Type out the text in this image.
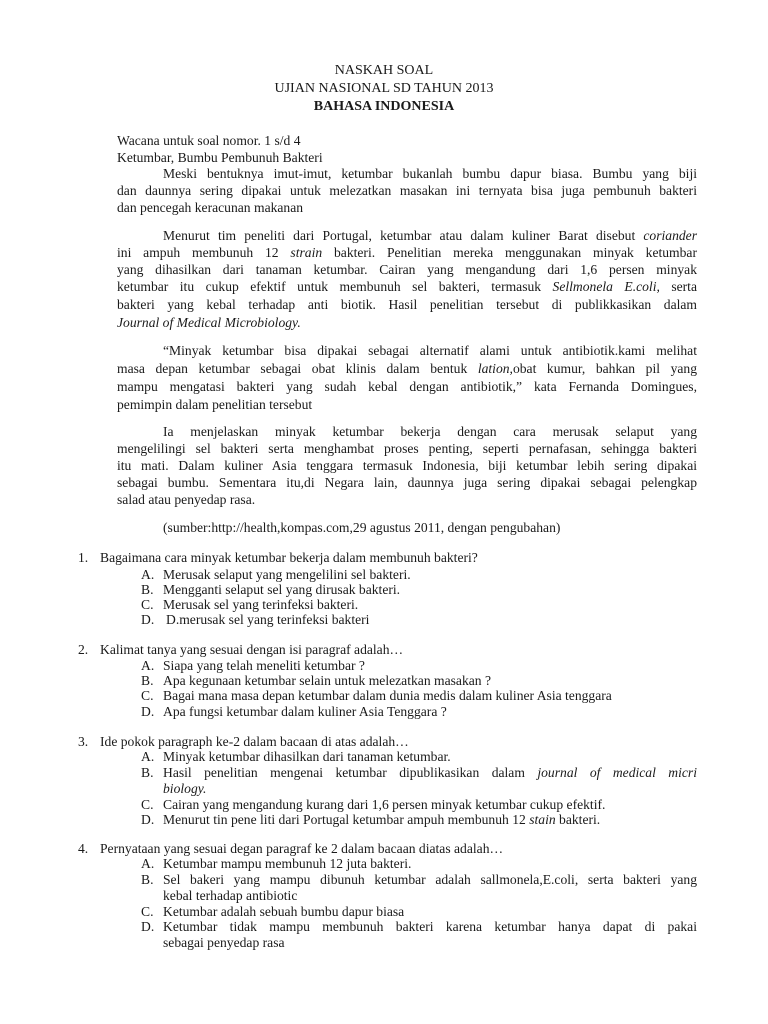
NASKAH SOAL
UJIAN NASIONAL SD TAHUN 2013
BAHASA INDONESIA
Wacana untuk soal nomor. 1 s/d 4
Ketumbar, Bumbu Pembunuh Bakteri
Meski bentuknya imut-imut, ketumbar bukanlah bumbu dapur biasa. Bumbu yang biji
dan daunnya sering dipakai untuk melezatkan masakan ini ternyata bisa juga pembunuh bakteri
dan pencegah keracunan makanan
Menurut tim peneliti dari Portugal, ketumbar atau dalam kuliner Barat disebut coriander
ini ampuh membunuh 12 strain bakteri. Penelitian mereka menggunakan minyak ketumbar
yang dihasilkan dari tanaman ketumbar. Cairan yang mengandung dari 1,6 persen minyak
ketumbar itu cukup efektif untuk membunuh sel bakteri, termasuk Sellmonela E.coli, serta
bakteri yang kebal terhadap anti biotik. Hasil penelitian tersebut di publikkasikan dalam
Journal of Medical Microbiology.
“Minyak ketumbar bisa dipakai sebagai alternatif alami untuk antibiotik.kami melihat
masa depan ketumbar sebagai obat klinis dalam bentuk lation,obat kumur, bahkan pil yang
mampu mengatasi bakteri yang sudah kebal dengan antibiotik,” kata Fernanda Domingues,
pemimpin dalam penelitian tersebut
Ia menjelaskan minyak ketumbar bekerja dengan cara merusak selaput yang
mengelilingi sel bakteri serta menghambat proses penting, seperti pernafasan, sehingga bakteri
itu mati. Dalam kuliner Asia tenggara termasuk Indonesia, biji ketumbar lebih sering dipakai
sebagai bumbu. Sementara itu,di Negara lain, daunnya juga sering dipakai sebagai pelengkap
salad atau penyedap rasa.
(sumber:http://health,kompas.com,29 agustus 2011, dengan pengubahan)
1. Bagaimana cara minyak ketumbar bekerja dalam membunuh bakteri?
A. Merusak selaput yang mengelilini sel bakteri.
B. Mengganti selaput sel yang dirusak bakteri.
C. Merusak sel yang terinfeksi bakteri.
D. D.merusak sel yang terinfeksi bakteri
2. Kalimat tanya yang sesuai dengan isi paragraf adalah…
A. Siapa yang telah meneliti ketumbar ?
B. Apa kegunaan ketumbar selain untuk melezatkan masakan ?
C. Bagai mana masa depan ketumbar dalam dunia medis dalam kuliner Asia tenggara
D. Apa fungsi ketumbar dalam kuliner Asia Tenggara ?
3. Ide pokok paragraph ke-2 dalam bacaan di atas adalah…
A. Minyak ketumbar dihasilkan dari tanaman ketumbar.
B. Hasil penelitian mengenai ketumbar dipublikasikan dalam journal of medical micri
biology.
C. Cairan yang mengandung kurang dari 1,6 persen minyak ketumbar cukup efektif.
D. Menurut tin pene liti dari Portugal ketumbar ampuh membunuh 12 stain bakteri.
4. Pernyataan yang sesuai degan paragraf ke 2 dalam bacaan diatas adalah…
A. Ketumbar mampu membunuh 12 juta bakteri.
B. Sel bakeri yang mampu dibunuh ketumbar adalah sallmonela,E.coli, serta bakteri yang
kebal terhadap antibiotic
C. Ketumbar adalah sebuah bumbu dapur biasa
D. Ketumbar tidak mampu membunuh bakteri karena ketumbar hanya dapat di pakai
sebagai penyedap rasa
